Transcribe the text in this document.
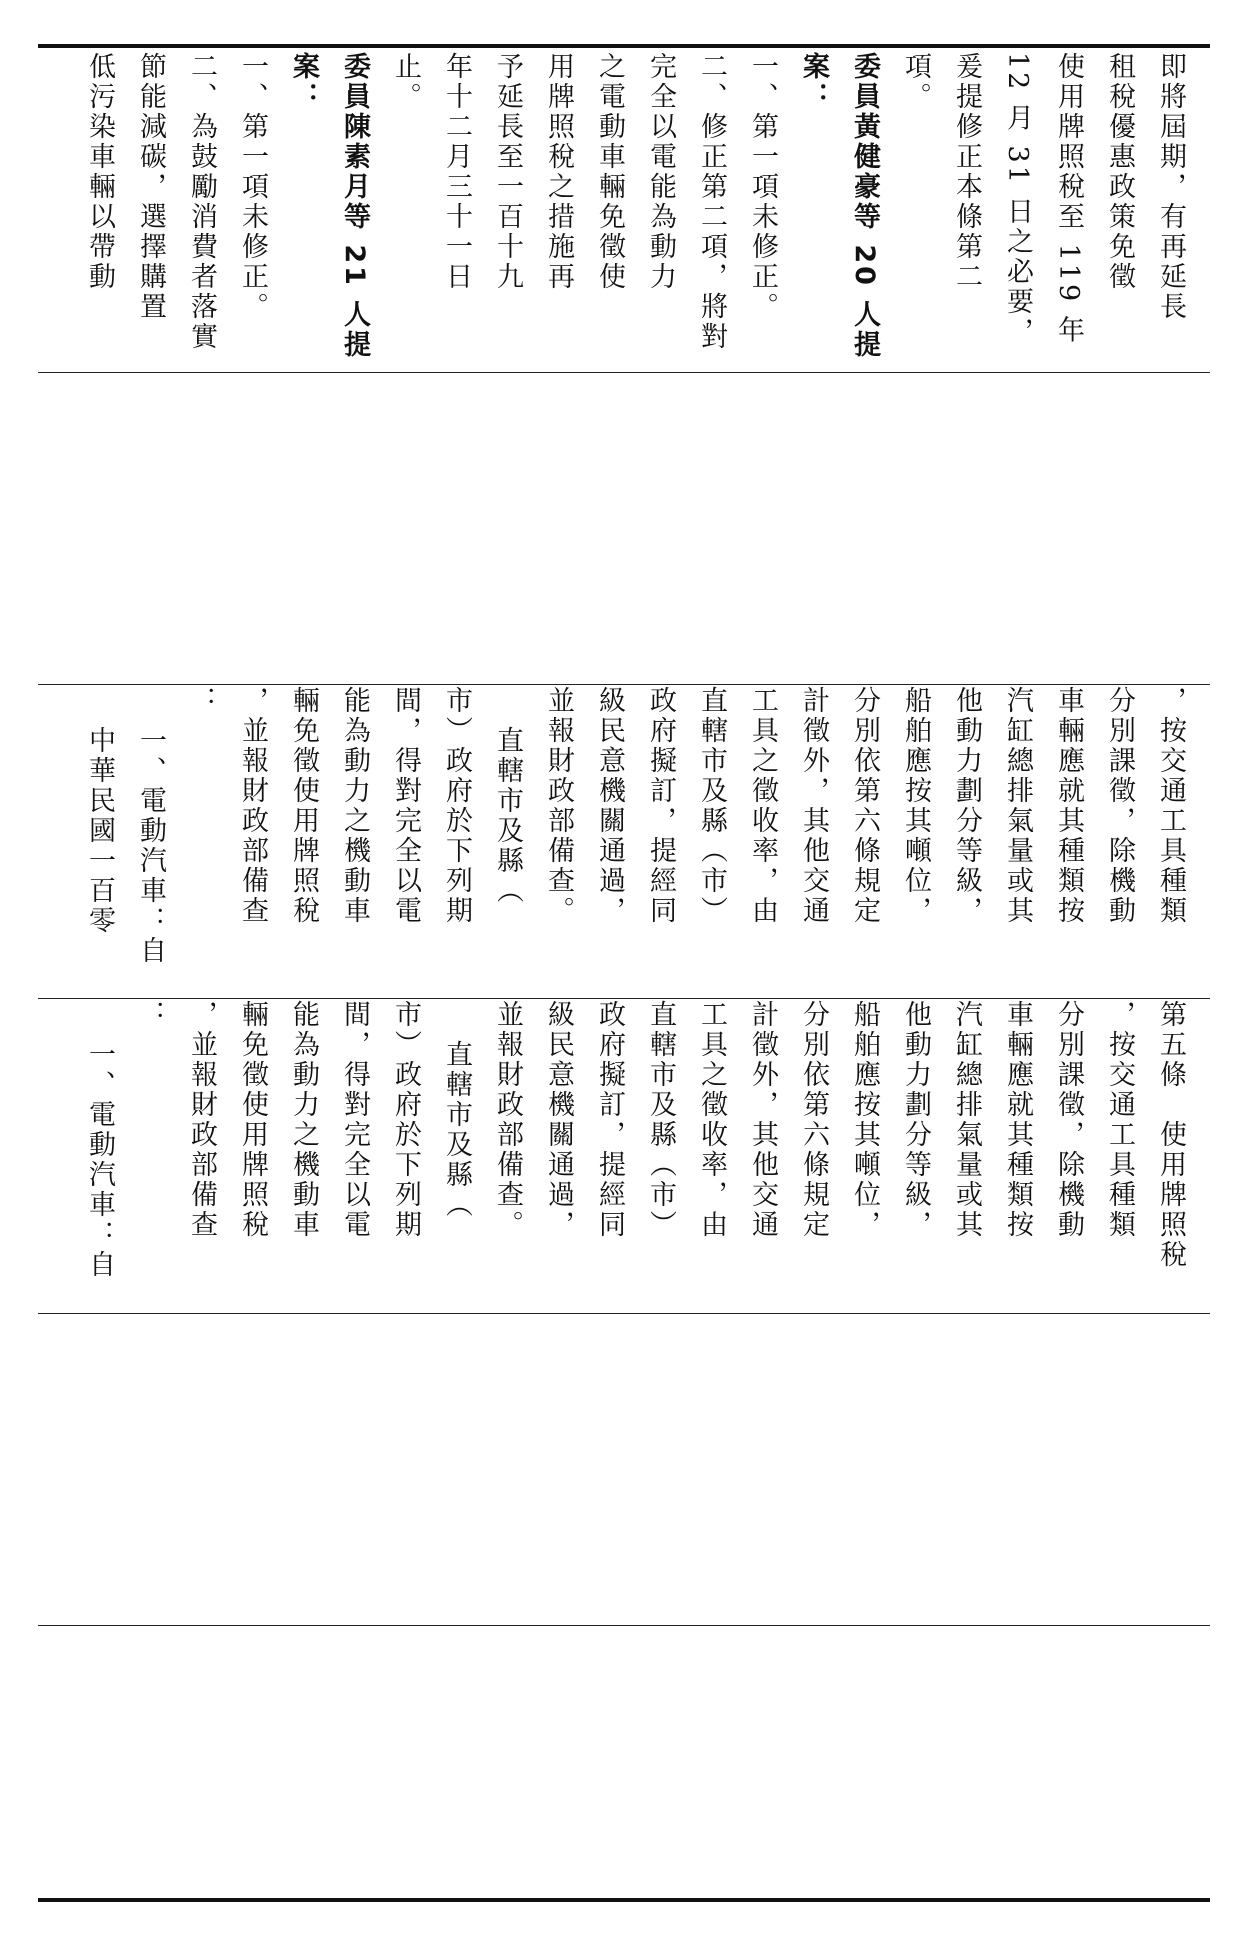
即將屆期，有再延長
租稅優惠政策免徵
使用牌照稅至 119 年
12 月 31 日之必要，
爰提修正本條第二
項。
委員黃健豪等 20 人提
案：
一、第一項未修正。
二、修正第二項，將對
完全以電能為動力
之電動車輛免徵使
用牌照稅之措施再
予延長至一百十九
年十二月三十一日
止。
委員陳素月等 21 人提
案：
一、第一項未修正。
二、為鼓勵消費者落實
節能減碳，選擇購置
低污染車輛以帶動
，按交通工具種類
分別課徵，除機動
車輛應就其種類按
汽缸總排氣量或其
他動力劃分等級，
船舶應按其噸位，
分別依第六條規定
計徵外，其他交通
工具之徵收率，由
直轄市及縣（市）
政府擬訂，提經同
級民意機關通過，
並報財政部備查。
直轄市及縣（
市）政府於下列期
間，得對完全以電
能為動力之機動車
輛免徵使用牌照稅
，並報財政部備查
：
一、電動汽車：自
中華民國一百零
第五條　使用牌照稅
，按交通工具種類
分別課徵，除機動
車輛應就其種類按
汽缸總排氣量或其
他動力劃分等級，
船舶應按其噸位，
分別依第六條規定
計徵外，其他交通
工具之徵收率，由
直轄市及縣（市）
政府擬訂，提經同
級民意機關通過，
並報財政部備查。
直轄市及縣（
市）政府於下列期
間，得對完全以電
能為動力之機動車
輛免徵使用牌照稅
，並報財政部備查
：
一、電動汽車：自
